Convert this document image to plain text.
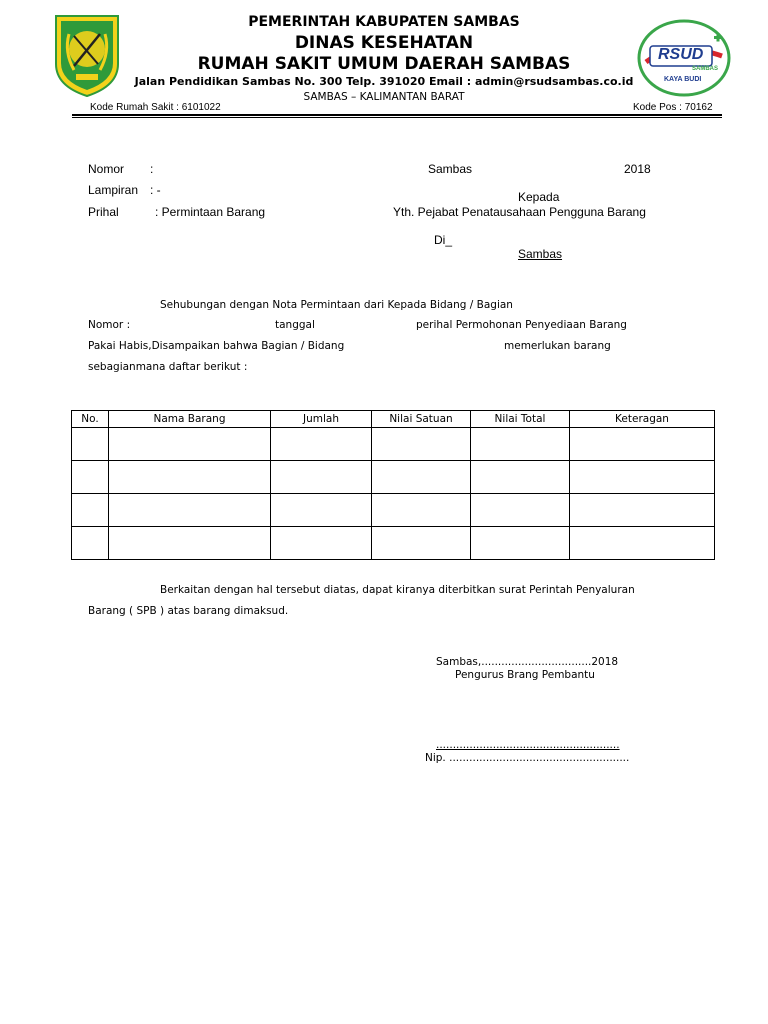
RSUD
SAMBAS
KAYA BUDI
PEMERINTAH KABUPATEN SAMBAS
DINAS KESEHATAN
RUMAH SAKIT UMUM DAERAH SAMBAS
Jalan Pendidikan Sambas No. 300 Telp. 391020 Email : admin@rsudsambas.co.id
SAMBAS – KALIMANTAN BARAT
Kode Rumah Sakit : 6101022	Kode Pos : 70162
Nomor :
Lampiran : -
Prihal	: Permintaan Barang
Sambas	2018
Kepada
Yth. Pejabat Penatausahaan Pengguna Barang
Di_
Sambas
Sehubungan dengan Nota Permintaan dari Kepada Bidang / Bagian
Nomor :	tanggal	perihal Permohonan Penyediaan Barang
Pakai Habis,Disampaikan bahwa Bagian / Bidang	memerlukan barang
sebagianmana daftar berikut :
No.	Nama Barang	Jumlah	Nilai Satuan	Nilai Total	Keteragan

Berkaitan dengan hal tersebut diatas, dapat kiranya diterbitkan surat Perintah Penyaluran
Barang ( SPB ) atas barang dimaksud.
Sambas,.................................2018
Pengurus Brang Pembantu
.......................................................
Nip. ......................................................
